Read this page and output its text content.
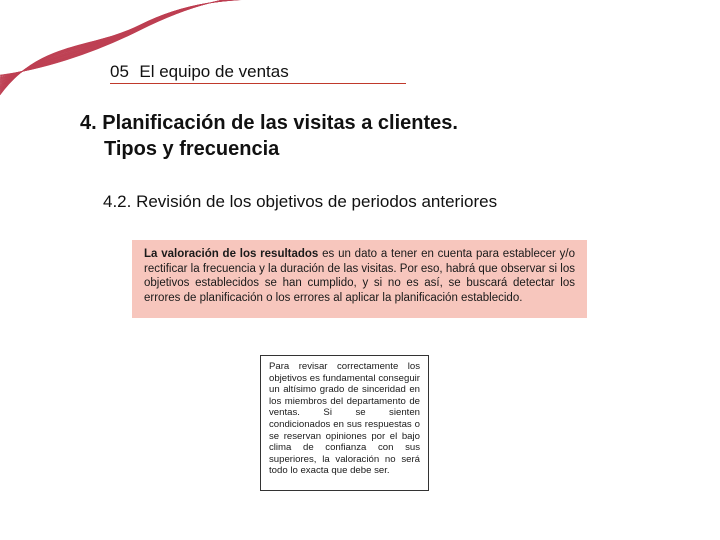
05 El equipo de ventas
4. Planificación de las visitas a clientes.
Tipos y frecuencia
4.2. Revisión de los objetivos de periodos anteriores
La valoración de los resultados es un dato a tener en cuenta para establecer y/o rectificar la frecuencia y la duración de las visitas. Por eso, habrá que observar si los objetivos establecidos se han cumplido, y si no es así, se buscará detectar los errores de planificación o los errores al aplicar la planificación establecido.
Para revisar correctamente los objetivos es fundamental conseguir un altísimo grado de sinceridad en los miembros del departamento de ventas. Si se sienten condicionados en sus respuestas o se reservan opiniones por el bajo clima de confianza con sus superiores, la valoración no será todo lo exacta que debe ser.
